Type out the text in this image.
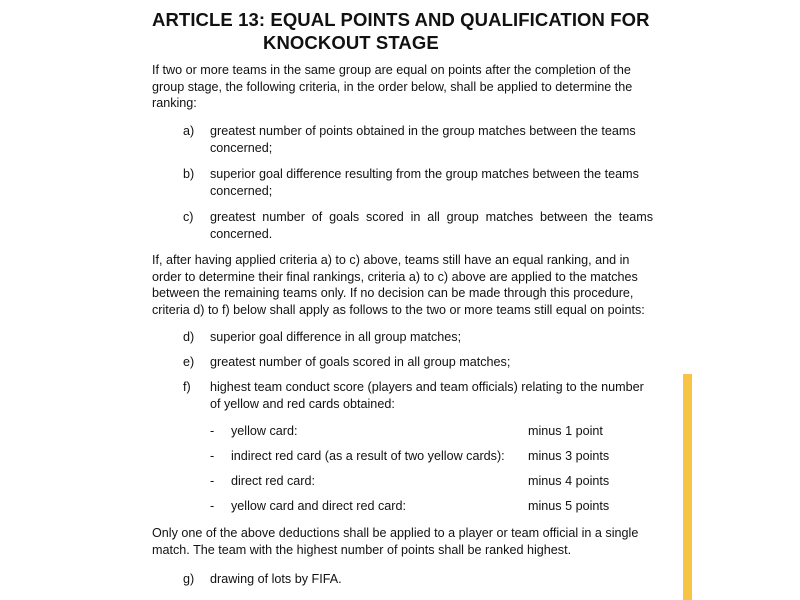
ARTICLE 13: EQUAL POINTS AND QUALIFICATION FOR
KNOCKOUT STAGE
If two or more teams in the same group are equal on points after the completion of the group stage, the following criteria, in the order below, shall be applied to determine the ranking:
a) greatest number of points obtained in the group matches between the teams concerned;
b) superior goal difference resulting from the group matches between the teams concerned;
c) greatest number of goals scored in all group matches between the teams concerned.
If, after having applied criteria a) to c) above, teams still have an equal ranking, and in order to determine their final rankings, criteria a) to c) above are applied to the matches between the remaining teams only. If no decision can be made through this procedure, criteria d) to f) below shall apply as follows to the two or more teams still equal on points:
d) superior goal difference in all group matches;
e) greatest number of goals scored in all group matches;
f) highest team conduct score (players and team officials) relating to the number of yellow and red cards obtained:
- yellow card:	minus 1 point
- indirect red card (as a result of two yellow cards): minus 3 points
- direct red card:	minus 4 points
- yellow card and direct red card:	minus 5 points
Only one of the above deductions shall be applied to a player or team official in a single match. The team with the highest number of points shall be ranked highest.
g) drawing of lots by FIFA.
